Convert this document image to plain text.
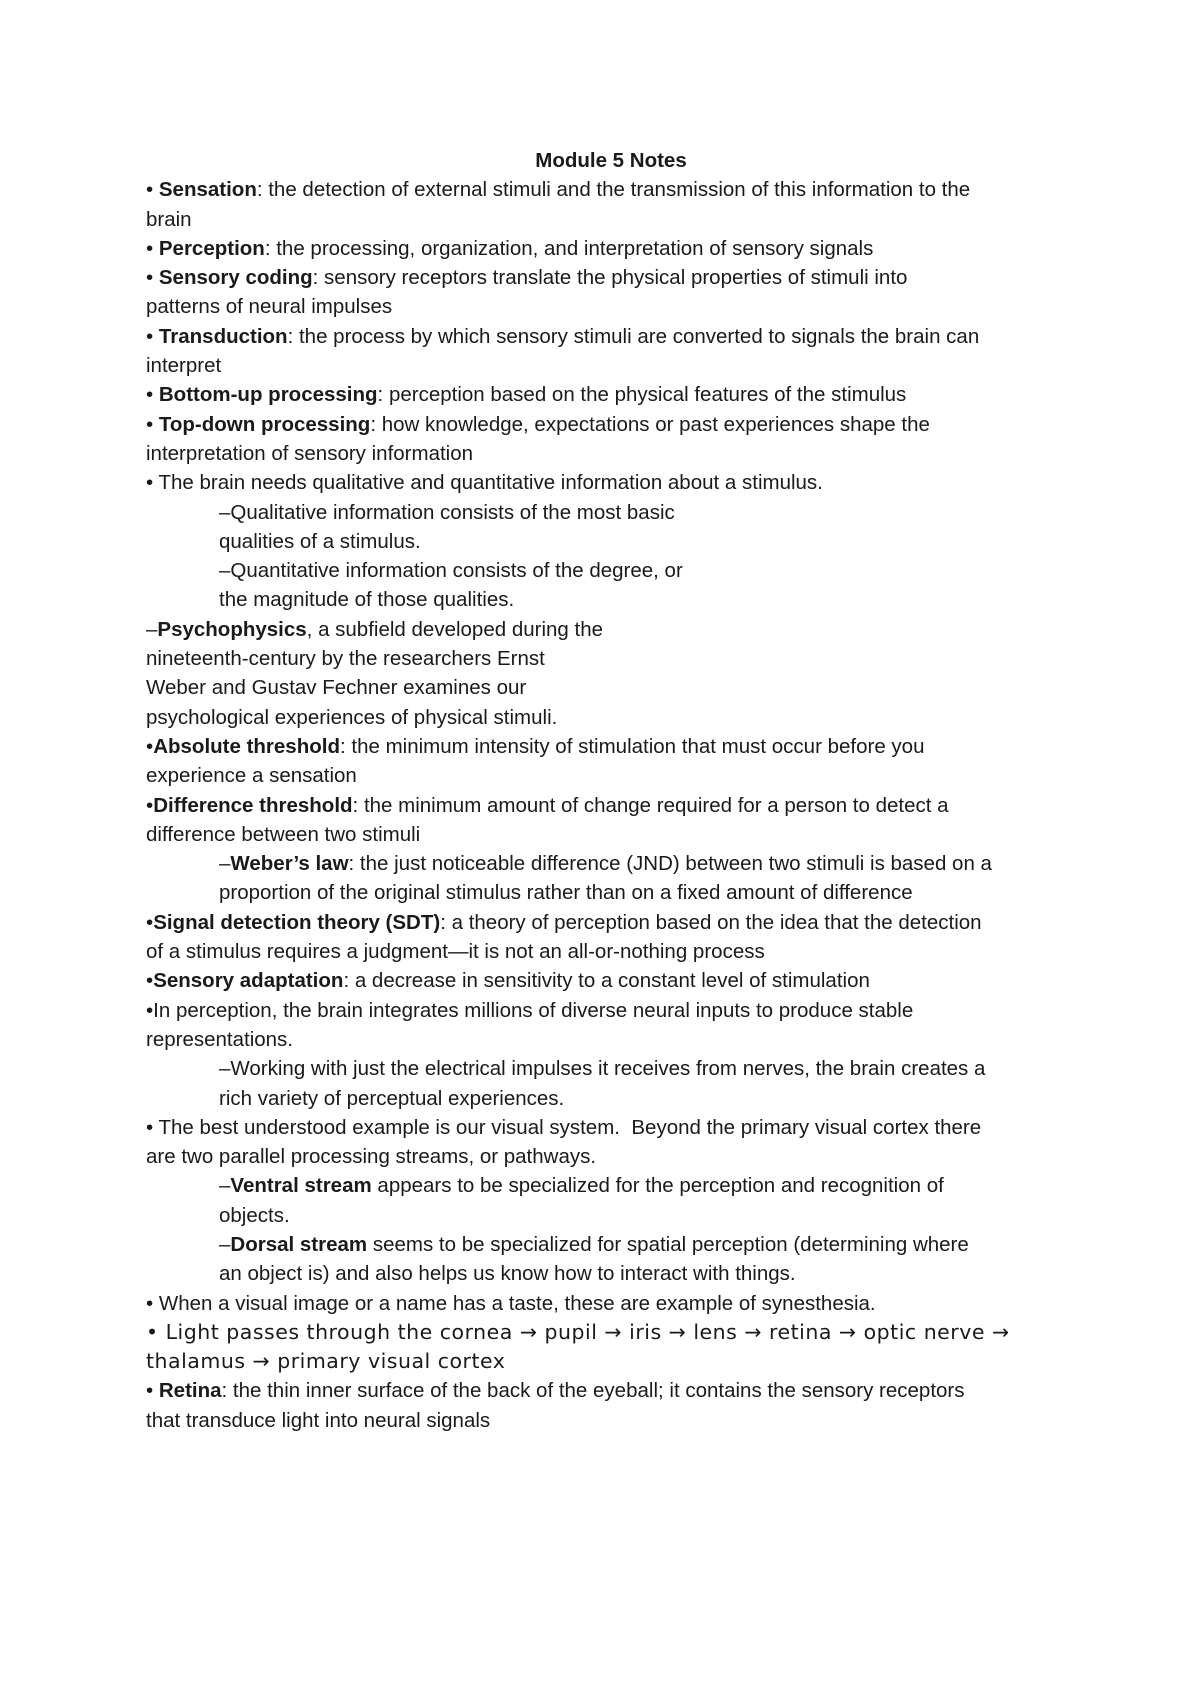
Module 5 Notes
• Sensation: the detection of external stimuli and the transmission of this information to the
brain
• Perception: the processing, organization, and interpretation of sensory signals
• Sensory coding: sensory receptors translate the physical properties of stimuli into
patterns of neural impulses
• Transduction: the process by which sensory stimuli are converted to signals the brain can
interpret
• Bottom-up processing: perception based on the physical features of the stimulus
• Top-down processing: how knowledge, expectations or past experiences shape the
interpretation of sensory information
• The brain needs qualitative and quantitative information about a stimulus.
–Qualitative information consists of the most basic
qualities of a stimulus.
–Quantitative information consists of the degree, or
the magnitude of those qualities.
–Psychophysics, a subfield developed during the
nineteenth-century by the researchers Ernst
Weber and Gustav Fechner examines our
psychological experiences of physical stimuli.
•Absolute threshold: the minimum intensity of stimulation that must occur before you
experience a sensation
•Difference threshold: the minimum amount of change required for a person to detect a
difference between two stimuli
–Weber’s law: the just noticeable difference (JND) between two stimuli is based on a
proportion of the original stimulus rather than on a fixed amount of difference
•Signal detection theory (SDT): a theory of perception based on the idea that the detection
of a stimulus requires a judgment—it is not an all-or-nothing process
•Sensory adaptation: a decrease in sensitivity to a constant level of stimulation
•In perception, the brain integrates millions of diverse neural inputs to produce stable
representations.
–Working with just the electrical impulses it receives from nerves, the brain creates a
rich variety of perceptual experiences.
• The best understood example is our visual system.  Beyond the primary visual cortex there
are two parallel processing streams, or pathways.
–Ventral stream appears to be specialized for the perception and recognition of
objects.
–Dorsal stream seems to be specialized for spatial perception (determining where
an object is) and also helps us know how to interact with things.
• When a visual image or a name has a taste, these are example of synesthesia.
• Light passes through the cornea → pupil → iris → lens → retina → optic nerve →
thalamus → primary visual cortex
• Retina: the thin inner surface of the back of the eyeball; it contains the sensory receptors
that transduce light into neural signals
